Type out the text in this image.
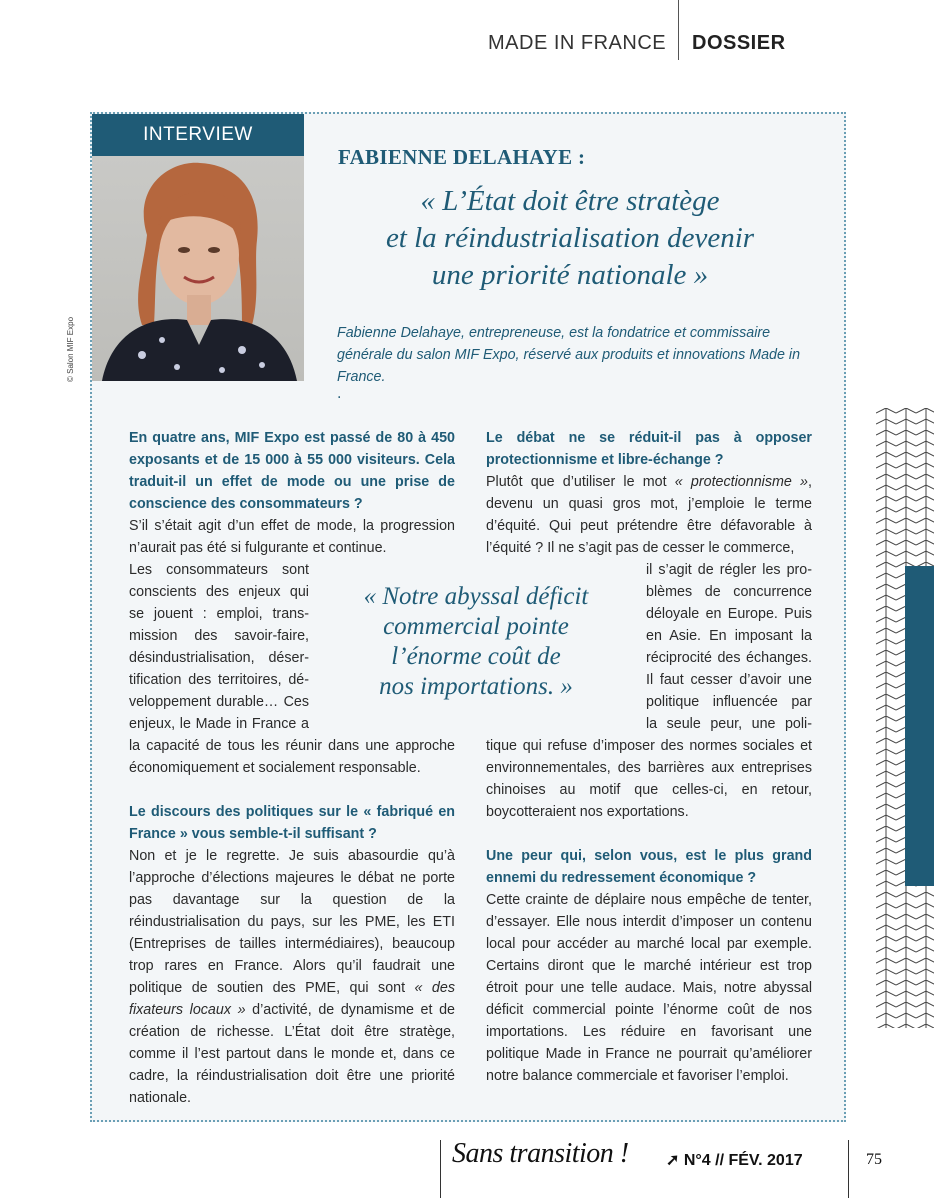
MADE IN FRANCE DOSSIER
INTERVIEW
© Salon MIF Expo
FABIENNE DELAHAYE :
« L’État doit être stratège
et la réindustrialisation devenir
une priorité nationale »
Fabienne Delahaye, entrepreneuse, est la fondatrice et commissaire générale du salon MIF Expo, réservé aux produits et innovations Made in France.
.
En quatre ans, MIF Expo est passé de 80 à 450 exposants et de 15 000 à 55 000 visiteurs. Cela traduit-il un effet de mode ou une prise de conscience des consommateurs ?
S’il s’était agit d’un effet de mode, la progression n’aurait pas été si fulgurante et continue.
Les consommateurs sont
conscients des enjeux qui
se jouent : emploi, trans-
mission des savoir-faire,
désindustrialisation, déser-
tification des territoires, dé-
veloppement durable… Ces
enjeux, le Made in France a
la capacité de tous les réunir dans une approche économiquement et socialement responsable.
Le discours des politiques sur le « fabriqué en France » vous semble-t-il suffisant ?
Non et je le regrette. Je suis abasourdie qu’à l’approche d’élections majeures le débat ne porte pas davantage sur la question de la réindustrialisation du pays, sur les PME, les ETI (Entreprises de tailles intermédiaires), beaucoup trop rares en France. Alors qu’il faudrait une politique de soutien des PME, qui sont « des fixateurs locaux » d’activité, de dynamisme et de création de richesse. L’État doit être stratège, comme il l’est partout dans le monde et, dans ce cadre, la réindustrialisation doit être une priorité nationale.
« Notre abyssal déficit
commercial pointe
l’énorme coût de
nos importations. »
Le débat ne se réduit-il pas à opposer protectionnisme et libre-échange ?
Plutôt que d’utiliser le mot « protectionnisme », devenu un quasi gros mot, j’emploie le terme d’équité. Qui peut prétendre être défavorable à l’équité ? Il ne s’agit pas de cesser le commerce,
il s’agit de régler les pro-
blèmes de concurrence
déloyale en Europe. Puis
en Asie. En imposant la
réciprocité des échanges.
Il faut cesser d’avoir une
politique influencée par
la seule peur, une poli-
tique qui refuse d’imposer des normes sociales et environnementales, des barrières aux entreprises chinoises au motif que celles-ci, en retour, boycotteraient nos exportations.
Une peur qui, selon vous, est le plus grand ennemi du redressement économique ?
Cette crainte de déplaire nous empêche de tenter, d’essayer. Elle nous interdit d’imposer un contenu local pour accéder au marché local par exemple. Certains diront que le marché intérieur est trop étroit pour une telle audace. Mais, notre abyssal déficit commercial pointe l’énorme coût de nos importations. Les réduire en favorisant une politique Made in France ne pourrait qu’améliorer notre balance commerciale et favoriser l’emploi.
Sans transition ! ➚ N°4 // FÉV. 2017	75
